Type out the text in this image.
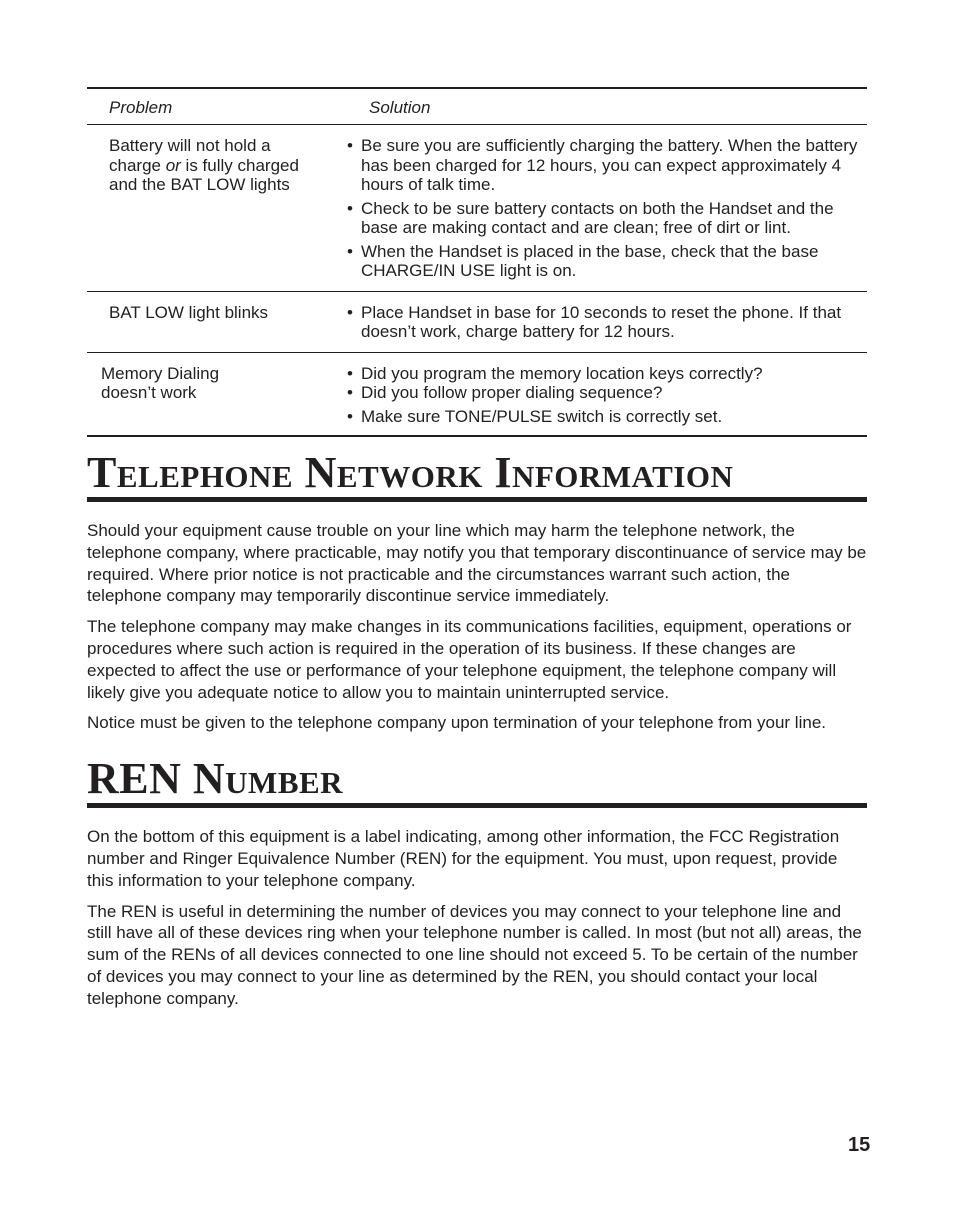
Problem	Solution
Battery will not hold a
charge or is fully charged
and the BAT LOW lights
• Be sure you are sufficiently charging the battery. When the battery has been charged for 12 hours, you can expect approximately 4 hours of talk time.
• Check to be sure battery contacts on both the Handset and the base are making contact and are clean; free of dirt or lint.
• When the Handset is placed in the base, check that the base CHARGE/IN USE light is on.
BAT LOW light blinks
•	Place Handset in base for 10 seconds to reset the phone. If that doesn’t work, charge battery for 12 hours.
Memory Dialing
doesn’t work
• Did you program the memory location keys correctly?
• Did you follow proper dialing sequence?
• Make sure TONE/PULSE switch is correctly set.
Telephone Network Information

Should your equipment cause trouble on your line which may harm the telephone network, the telephone company, where practicable, may notify you that temporary discontinuance of service may be required. Where prior notice is not practicable and the circumstances warrant such action, the telephone company may temporarily discontinue service immediately.

The telephone company may make changes in its communications facilities, equipment, operations or procedures where such action is required in the operation of its business. If these changes are expected to affect the use or performance of your telephone equipment, the telephone company will likely give you adequate notice to allow you to maintain uninterrupted service.

Notice must be given to the telephone company upon termination of your telephone from your line.

REN Number

On the bottom of this equipment is a label indicating, among other information, the FCC Registration number and Ringer Equivalence Number (REN) for the equipment. You must, upon request, provide this information to your telephone company.

The REN is useful in determining the number of devices you may connect to your telephone line and still have all of these devices ring when your telephone number is called. In most (but not all) areas, the sum of the RENs of all devices connected to one line should not exceed 5. To be certain of the number of devices you may connect to your line as determined by the REN, you should contact your local telephone company.

15
